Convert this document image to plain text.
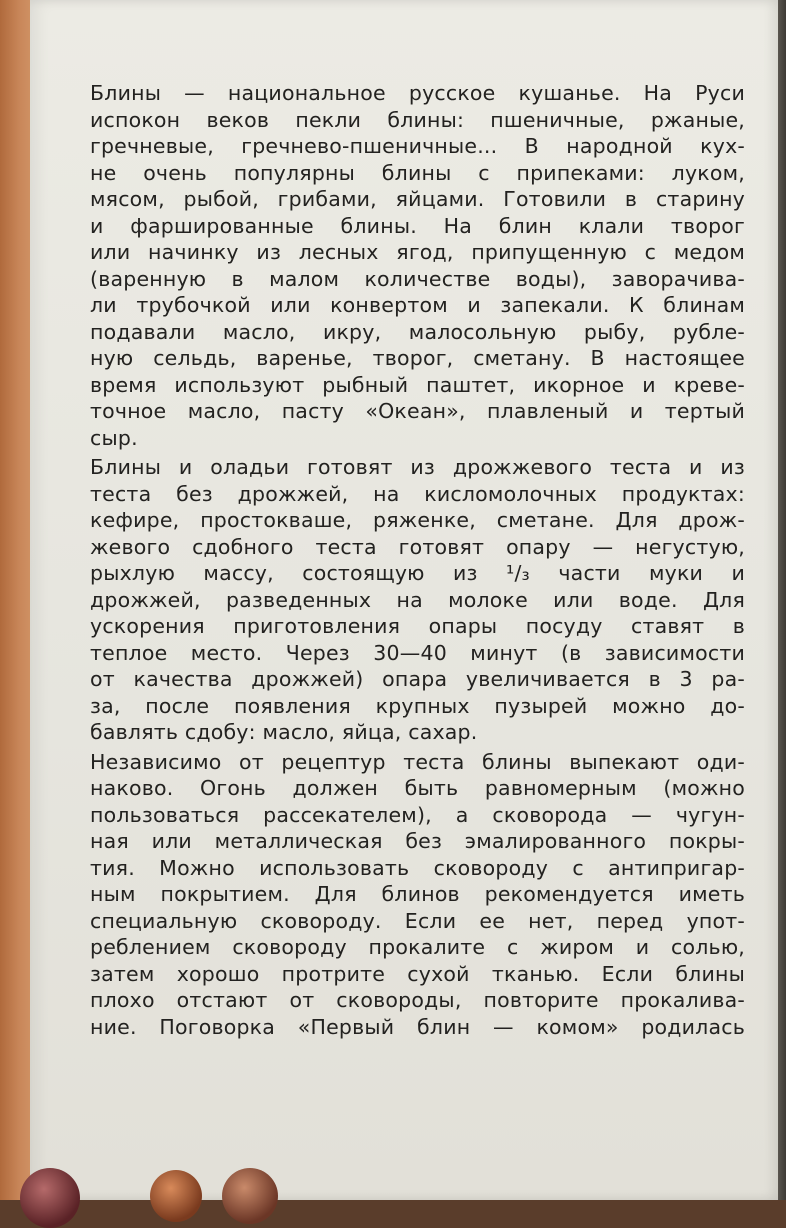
Блины — национальное русское кушанье. На Руси
испокон веков пекли блины: пшеничные, ржаные,
гречневые, гречнево-пшеничные... В народной кух-
не очень популярны блины с припеками: луком,
мясом, рыбой, грибами, яйцами. Готовили в старину
и фаршированные блины. На блин клали творог
или начинку из лесных ягод, припущенную с медом
(варенную в малом количестве воды), заворачива-
ли трубочкой или конвертом и запекали. К блинам
подавали масло, икру, малосольную рыбу, рубле-
ную сельдь, варенье, творог, сметану. В настоящее
время используют рыбный паштет, икорное и креве-
точное масло, пасту «Океан», плавленый и тертый
сыр.
Блины и оладьи готовят из дрожжевого теста и из
теста без дрожжей, на кисломолочных продуктах:
кефире, простокваше, ряженке, сметане. Для дрож-
жевого сдобного теста готовят опару — негустую,
рыхлую массу, состоящую из ¹/₃ части муки и
дрожжей, разведенных на молоке или воде. Для
ускорения приготовления опары посуду ставят в
теплое место. Через 30—40 минут (в зависимости
от качества дрожжей) опара увеличивается в 3 ра-
за, после появления крупных пузырей можно до-
бавлять сдобу: масло, яйца, сахар.
Независимо от рецептур теста блины выпекают оди-
наково. Огонь должен быть равномерным (можно
пользоваться рассекателем), а сковорода — чугун-
ная или металлическая без эмалированного покры-
тия. Можно использовать сковороду с антипригар-
ным покрытием. Для блинов рекомендуется иметь
специальную сковороду. Если ее нет, перед упот-
реблением сковороду прокалите с жиром и солью,
затем хорошо протрите сухой тканью. Если блины
плохо отстают от сковороды, повторите прокалива-
ние. Поговорка «Первый блин — комом» родилась
